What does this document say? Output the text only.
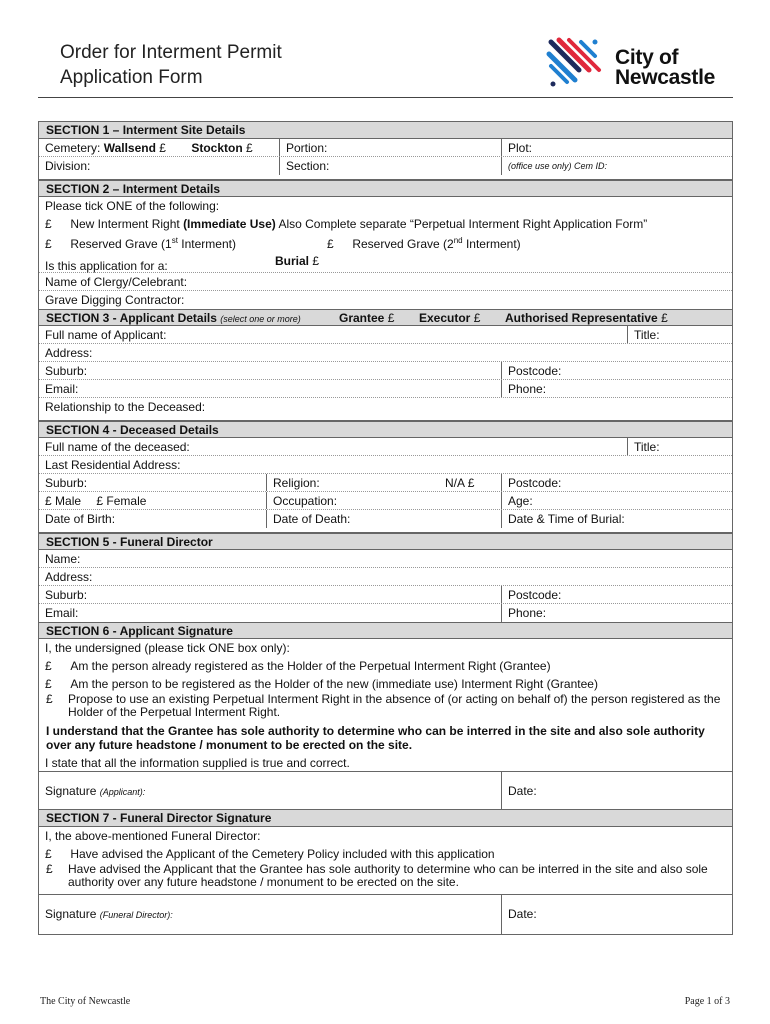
Order for Interment Permit
Application Form
City of
Newcastle
SECTION 1 – Interment Site Details
Cemetery: Wallsend £ Stockton £	Portion:	Plot:
Division:	Section:	(office use only) Cem ID:
SECTION 2 – Interment Details
Please tick ONE of the following:
£ New Interment Right (Immediate Use) Also Complete separate “Perpetual Interment Right Application Form”
£ Reserved Grave (1st Interment)	£ Reserved Grave (2nd Interment)
Is this application for a:	Burial £
Name of Clergy/Celebrant:
Grave Digging Contractor:
SECTION 3 - Applicant Details (select one or more)	Grantee £ Executor £ Authorised Representative £
Full name of Applicant:	Title:
Address:
Suburb:	Postcode:
Email:	Phone:
Relationship to the Deceased:
SECTION 4 - Deceased Details
Full name of the deceased:	Title:
Last Residential Address:
Suburb:	Religion:	N/A £	Postcode:
£ Male £ Female	Occupation:	Age:
Date of Birth:	Date of Death:	Date & Time of Burial:
SECTION 5 - Funeral Director
Name:
Address:
Suburb:	Postcode:
Email:	Phone:
SECTION 6 - Applicant Signature
I, the undersigned (please tick ONE box only):
£ Am the person already registered as the Holder of the Perpetual Interment Right (Grantee)
£ Am the person to be registered as the Holder of the new (immediate use) Interment Right (Grantee)
£ Propose to use an existing Perpetual Interment Right in the absence of (or acting on behalf of) the person registered as the Holder of the Perpetual Interment Right.
I understand that the Grantee has sole authority to determine who can be interred in the site and also sole authority over any future headstone / monument to be erected on the site.
I state that all the information supplied is true and correct.
Signature (Applicant):	Date:
SECTION 7 - Funeral Director Signature
I, the above-mentioned Funeral Director:
£ Have advised the Applicant of the Cemetery Policy included with this application
£ Have advised the Applicant that the Grantee has sole authority to determine who can be interred in the site and also sole authority over any future headstone / monument to be erected on the site.
Signature (Funeral Director):	Date:
The City of Newcastle	Page 1 of 3
